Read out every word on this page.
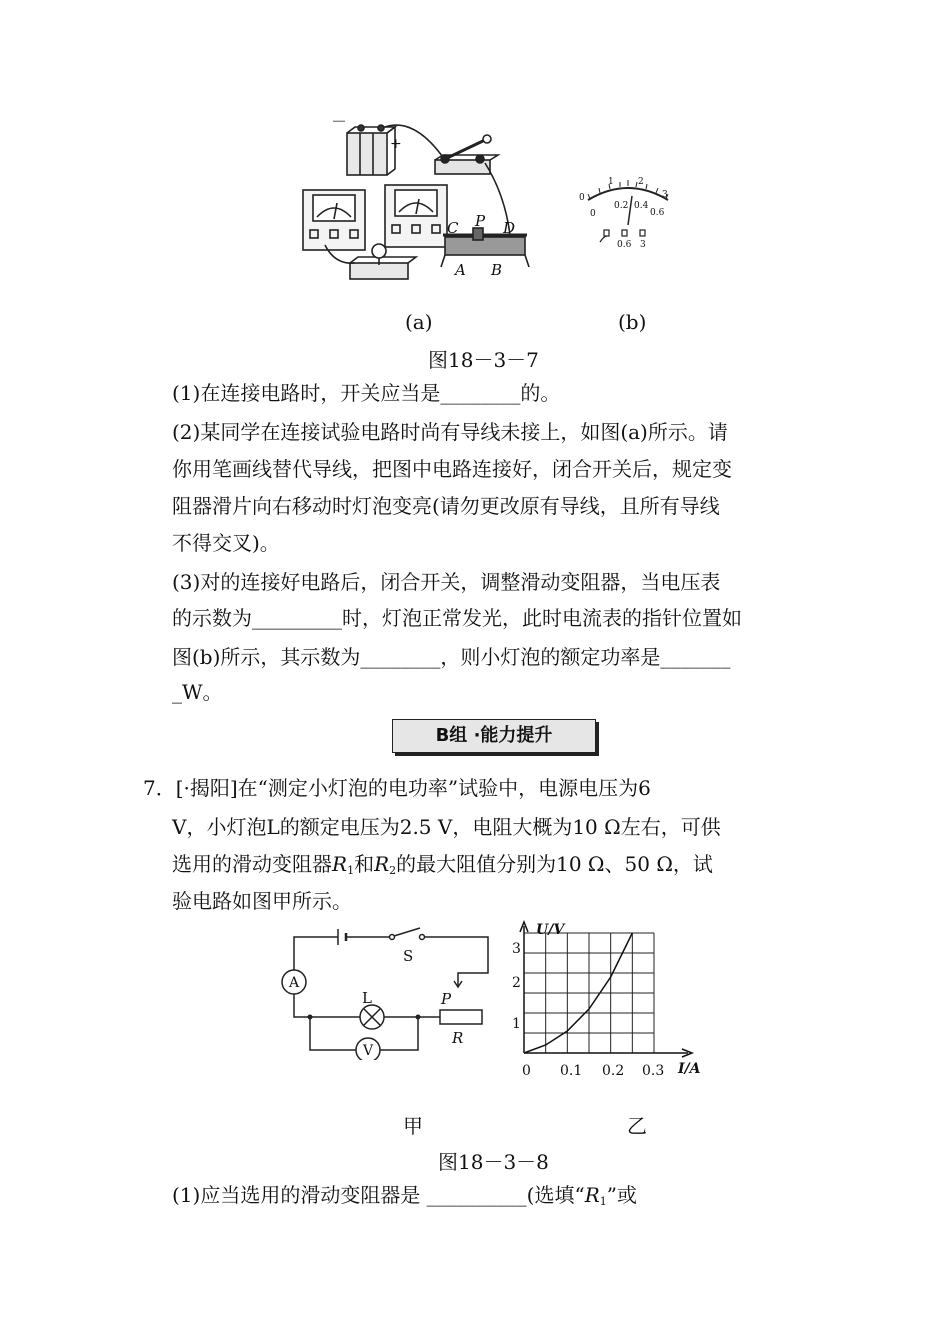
－
+
C P D
A B
0
1	2
3
0
0.2 0.4
0.6
0.6 3
(a)	(b)
图18－3－7
(1)在连接电路时，开关应当是________的。
(2)某同学在连接试验电路时尚有导线未接上，如图(a)所示。请
你用笔画线替代导线，把图中电路连接好，闭合开关后，规定变
阻器滑片向右移动时灯泡变亮(请勿更改原有导线，且所有导线
不得交叉)。
(3)对的连接好电路后，闭合开关，调整滑动变阻器，当电压表
的示数为_________时，灯泡正常发光，此时电流表的指针位置如
图(b)所示，其示数为________，则小灯泡的额定功率是_______
_W。
B组 ·能力提升
7．[·揭阳]在“测定小灯泡的电功率”试验中，电源电压为6
V，小灯泡L的额定电压为2.5 V，电阻大概为10 Ω左右，可供
选用的滑动变阻器$R_1$和$R_2$的最大阻值分别为10 Ω、50 Ω，试
验电路如图甲所示。
A
V
S
L	P
R
U/V
I/A
3
2
1
0 0.1 0.2 0.3
甲	乙
图18－3－8
(1)应当选用的滑动变阻器是 __________(选填“$R_1$”或
